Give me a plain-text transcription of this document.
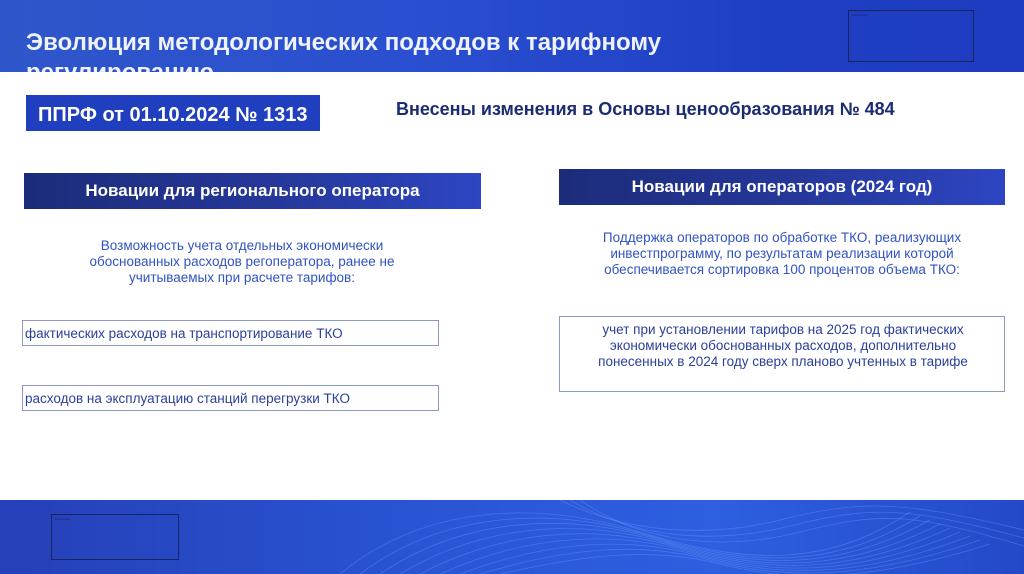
Эволюция методологических подходов к тарифному
Placeholder
ППРФ от 01.10.2024 № 1313	Внесены изменения в Основы ценообразования № 484
Новации для регионального оператора
Возможность учета отдельных экономически обоснованных расходов регоператора, ранее не учитываемых при расчете тарифов:
фактических расходов на транспортирование ТКО
расходов на эксплуатацию станций перегрузки ТКО
Новации для операторов (2024 год)
Поддержка операторов по обработке ТКО, реализующих инвестпрограмму, по результатам реализации которой обеспечивается сортировка 100 процентов объема ТКО:
учет при установлении тарифов на 2025 год фактических экономически обоснованных расходов, дополнительно понесенных в 2024 году сверх планово учтенных в тарифе
Placeholder
